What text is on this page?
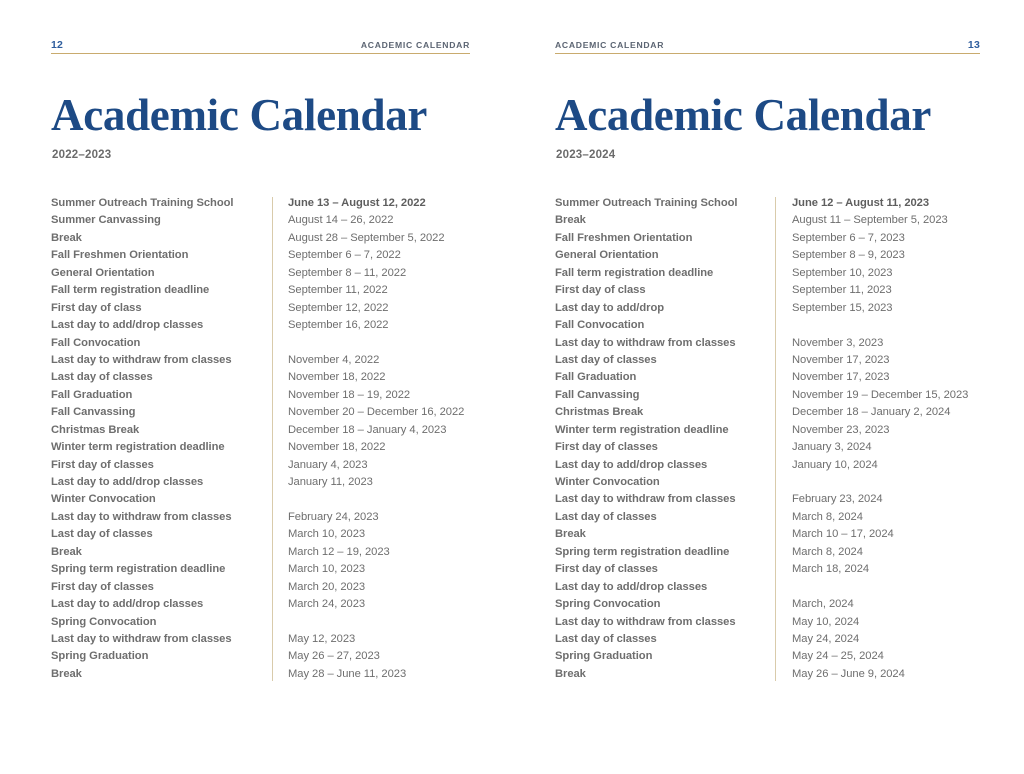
12	ACADEMIC CALENDAR
Academic Calendar
2022–2023
Summer Outreach Training School	June 13 – August 12, 2022
Summer Canvassing	August 14 – 26, 2022
Break	August 28 – September 5, 2022
Fall Freshmen Orientation	September 6 – 7, 2022
General Orientation	September 8 – 11, 2022
Fall term registration deadline	September 11, 2022
First day of class	September 12, 2022
Last day to add/drop classes	September 16, 2022
Fall Convocation

Last day to withdraw from classes	November 4, 2022
Last day of classes	November 18, 2022
Fall Graduation	November 18 – 19, 2022
Fall Canvassing	November 20 – December 16, 2022
Christmas Break	December 18 – January 4, 2023
Winter term registration deadline	November 18, 2022
First day of classes	January 4, 2023
Last day to add/drop classes	January 11, 2023
Winter Convocation

Last day to withdraw from classes	February 24, 2023
Last day of classes	March 10, 2023
Break	March 12 – 19, 2023
Spring term registration deadline	March 10, 2023
First day of classes	March 20, 2023
Last day to add/drop classes	March 24, 2023
Spring Convocation

Last day to withdraw from classes	May 12, 2023
Spring Graduation	May 26 – 27, 2023
Break	May 28 – June 11, 2023
ACADEMIC CALENDAR	13
Academic Calendar
2023–2024
Summer Outreach Training School	June 12 – August 11, 2023
Break	August 11 – September 5, 2023
Fall Freshmen Orientation	September 6 – 7, 2023
General Orientation	September 8 – 9, 2023
Fall term registration deadline	September 10, 2023
First day of class	September 11, 2023
Last day to add/drop	September 15, 2023
Fall Convocation

Last day to withdraw from classes	November 3, 2023
Last day of classes	November 17, 2023
Fall Graduation	November 17, 2023
Fall Canvassing	November 19 – December 15, 2023
Christmas Break	December 18 – January 2, 2024
Winter term registration deadline	November 23, 2023
First day of classes	January 3, 2024
Last day to add/drop classes	January 10, 2024
Winter Convocation

Last day to withdraw from classes	February 23, 2024
Last day of classes	March 8, 2024
Break	March 10 – 17, 2024
Spring term registration deadline	March 8, 2024
First day of classes	March 18, 2024
Last day to add/drop classes

Spring Convocation	March, 2024
Last day to withdraw from classes	May 10, 2024
Last day of classes	May 24, 2024
Spring Graduation	May 24 – 25, 2024
Break	May 26 – June 9, 2024
